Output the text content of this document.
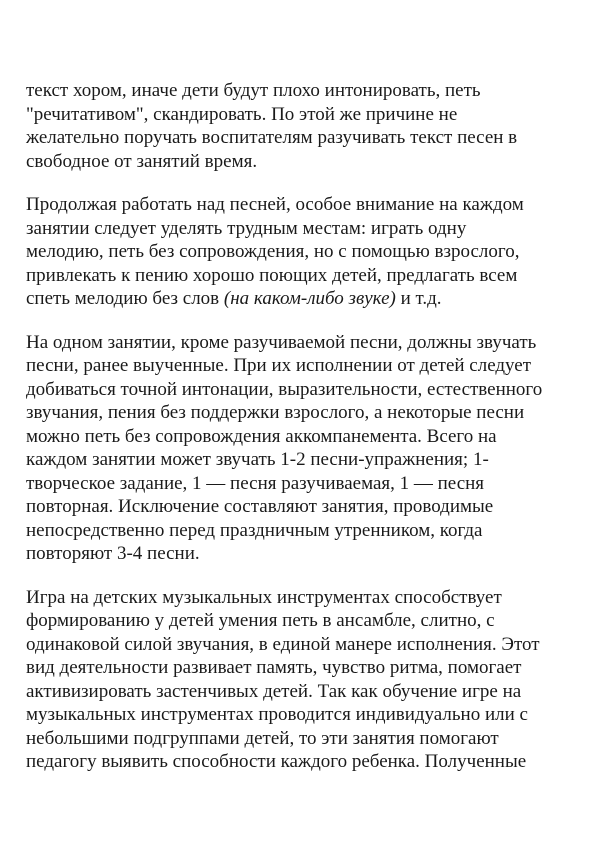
текст хором, иначе дети будут плохо интонировать, петь
"речитативом", скандировать. По этой же причине не
желательно поручать воспитателям разучивать текст песен в
свободное от занятий время.

Продолжая работать над песней, особое внимание на каждом
занятии следует уделять трудным местам: играть одну
мелодию, петь без сопровождения, но с помощью взрослого,
привлекать к пению хорошо поющих детей, предлагать всем
спеть мелодию без слов (на каком-либо звуке) и т.д.

На одном занятии, кроме разучиваемой песни, должны звучать
песни, ранее выученные. При их исполнении от детей следует
добиваться точной интонации, выразительности, естественного
звучания, пения без поддержки взрослого, а некоторые песни
можно петь без сопровождения аккомпанемента. Всего на
каждом занятии может звучать 1-2 песни-упражнения; 1-
творческое задание, 1 — песня разучиваемая, 1 — песня
повторная. Исключение составляют занятия, проводимые
непосредственно перед праздничным утренником, когда
повторяют 3-4 песни.

Игра на детских музыкальных инструментах способствует
формированию у детей умения петь в ансамбле, слитно, с
одинаковой силой звучания, в единой манере исполнения. Этот
вид деятельности развивает память, чувство ритма, помогает
активизировать застенчивых детей. Так как обучение игре на
музыкальных инструментах проводится индивидуально или с
небольшими подгруппами детей, то эти занятия помогают
педагогу выявить способности каждого ребенка. Полученные
